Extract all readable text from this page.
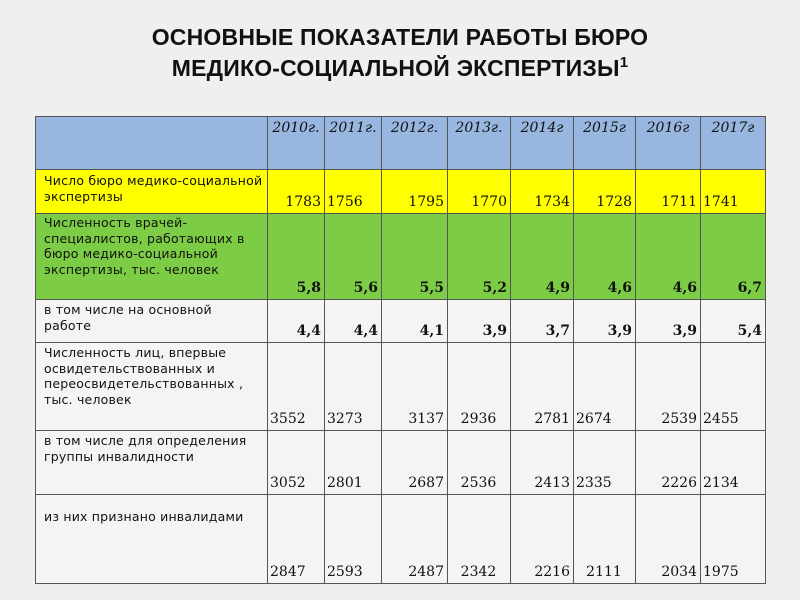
ОСНОВНЫЕ ПОКАЗАТЕЛИ РАБОТЫ БЮРО
МЕДИКО-СОЦИАЛЬНОЙ ЭКСПЕРТИЗЫ$^1$
	2010г.	2011г.	2012г.	2013г.	2014г	2015г	2016г	2017г
Число бюро медико-социальной экспертизы	1783	1756	1795	1770	1734	1728	1711	1741
Численность врачей-специалистов, работающих в бюро медико-социальной экспертизы, тыс. человек	5,8	5,6	5,5	5,2	4,9	4,6	4,6	6,7
в том числе на основной работе	4,4	4,4	4,1	3,9	3,7	3,9	3,9	5,4
Численность лиц, впервые освидетельствованных и переосвидетельствованных , тыс. человек	3552	3273	3137	2936	2781	2674	2539	2455
в том числе для определения группы инвалидности	3052	2801	2687	2536	2413	2335	2226	2134
из них признано инвалидами	2847	2593	2487	2342	2216	2111	2034	1975
